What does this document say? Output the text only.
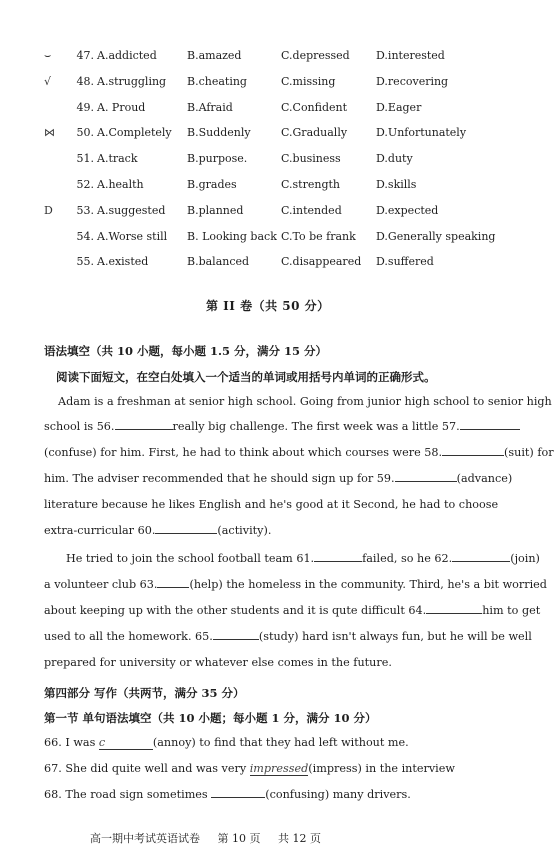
⌣	47. A.addicted	B.amazed	C.depressed D.interested
√	48. A.struggling B.cheating	C.missing	D.recovering
49. A. Proud	B.Afraid	C.Confident	D.Eager
⋈	50. A.Completely B.Suddenly	C.Gradually	D.Unfortunately
51. A.track	B.purpose.	C.business	D.duty
52. A.health	B.grades	C.strength	D.skills
D	53. A.suggested B.planned	C.intended	D.expected
54. A.Worse still B. Looking back C.To be frank D.Generally speaking
55. A.existed	B.balanced	C.disappeared D.suffered
第 II 卷（共 50 分）
语法填空（共 10 小题，每小题 1.5 分，满分 15 分）
阅读下面短文，在空白处填入一个适当的单词或用括号内单词的正确形式。
Adam is a freshman at senior high school. Going from junior high school to senior high
school is 56.	really big challenge. The first week was a little 57.
(confuse) for him. First, he had to think about which courses were 58.	(suit) for
him. The adviser recommended that he should sign up for 59.	(advance)
literature because he likes English and he's good at it Second, he had to choose
extra-curricular 60.	(activity).
He tried to join the school football team 61.	failed, so he 62.	(join)
a volunteer club 63.	(help) the homeless in the community. Third, he's a bit worried
about keeping up with the other students and it is qute difficult 64.	him to get
used to all the homework. 65.	(study) hard isn't always fun, but he will be well
prepared for university or whatever else comes in the future.
第四部分 写作（共两节，满分 35 分）
第一节 单句语法填空（共 10 小题；每小题 1 分，满分 10 分）
66. I was c	(annoy) to find that they had left without me.
67. She did quite well and was very impressed(impress) in the interview
68. The road sign sometimes	(confusing) many drivers.
高一期中考试英语试卷 第 10 页 共 12 页
